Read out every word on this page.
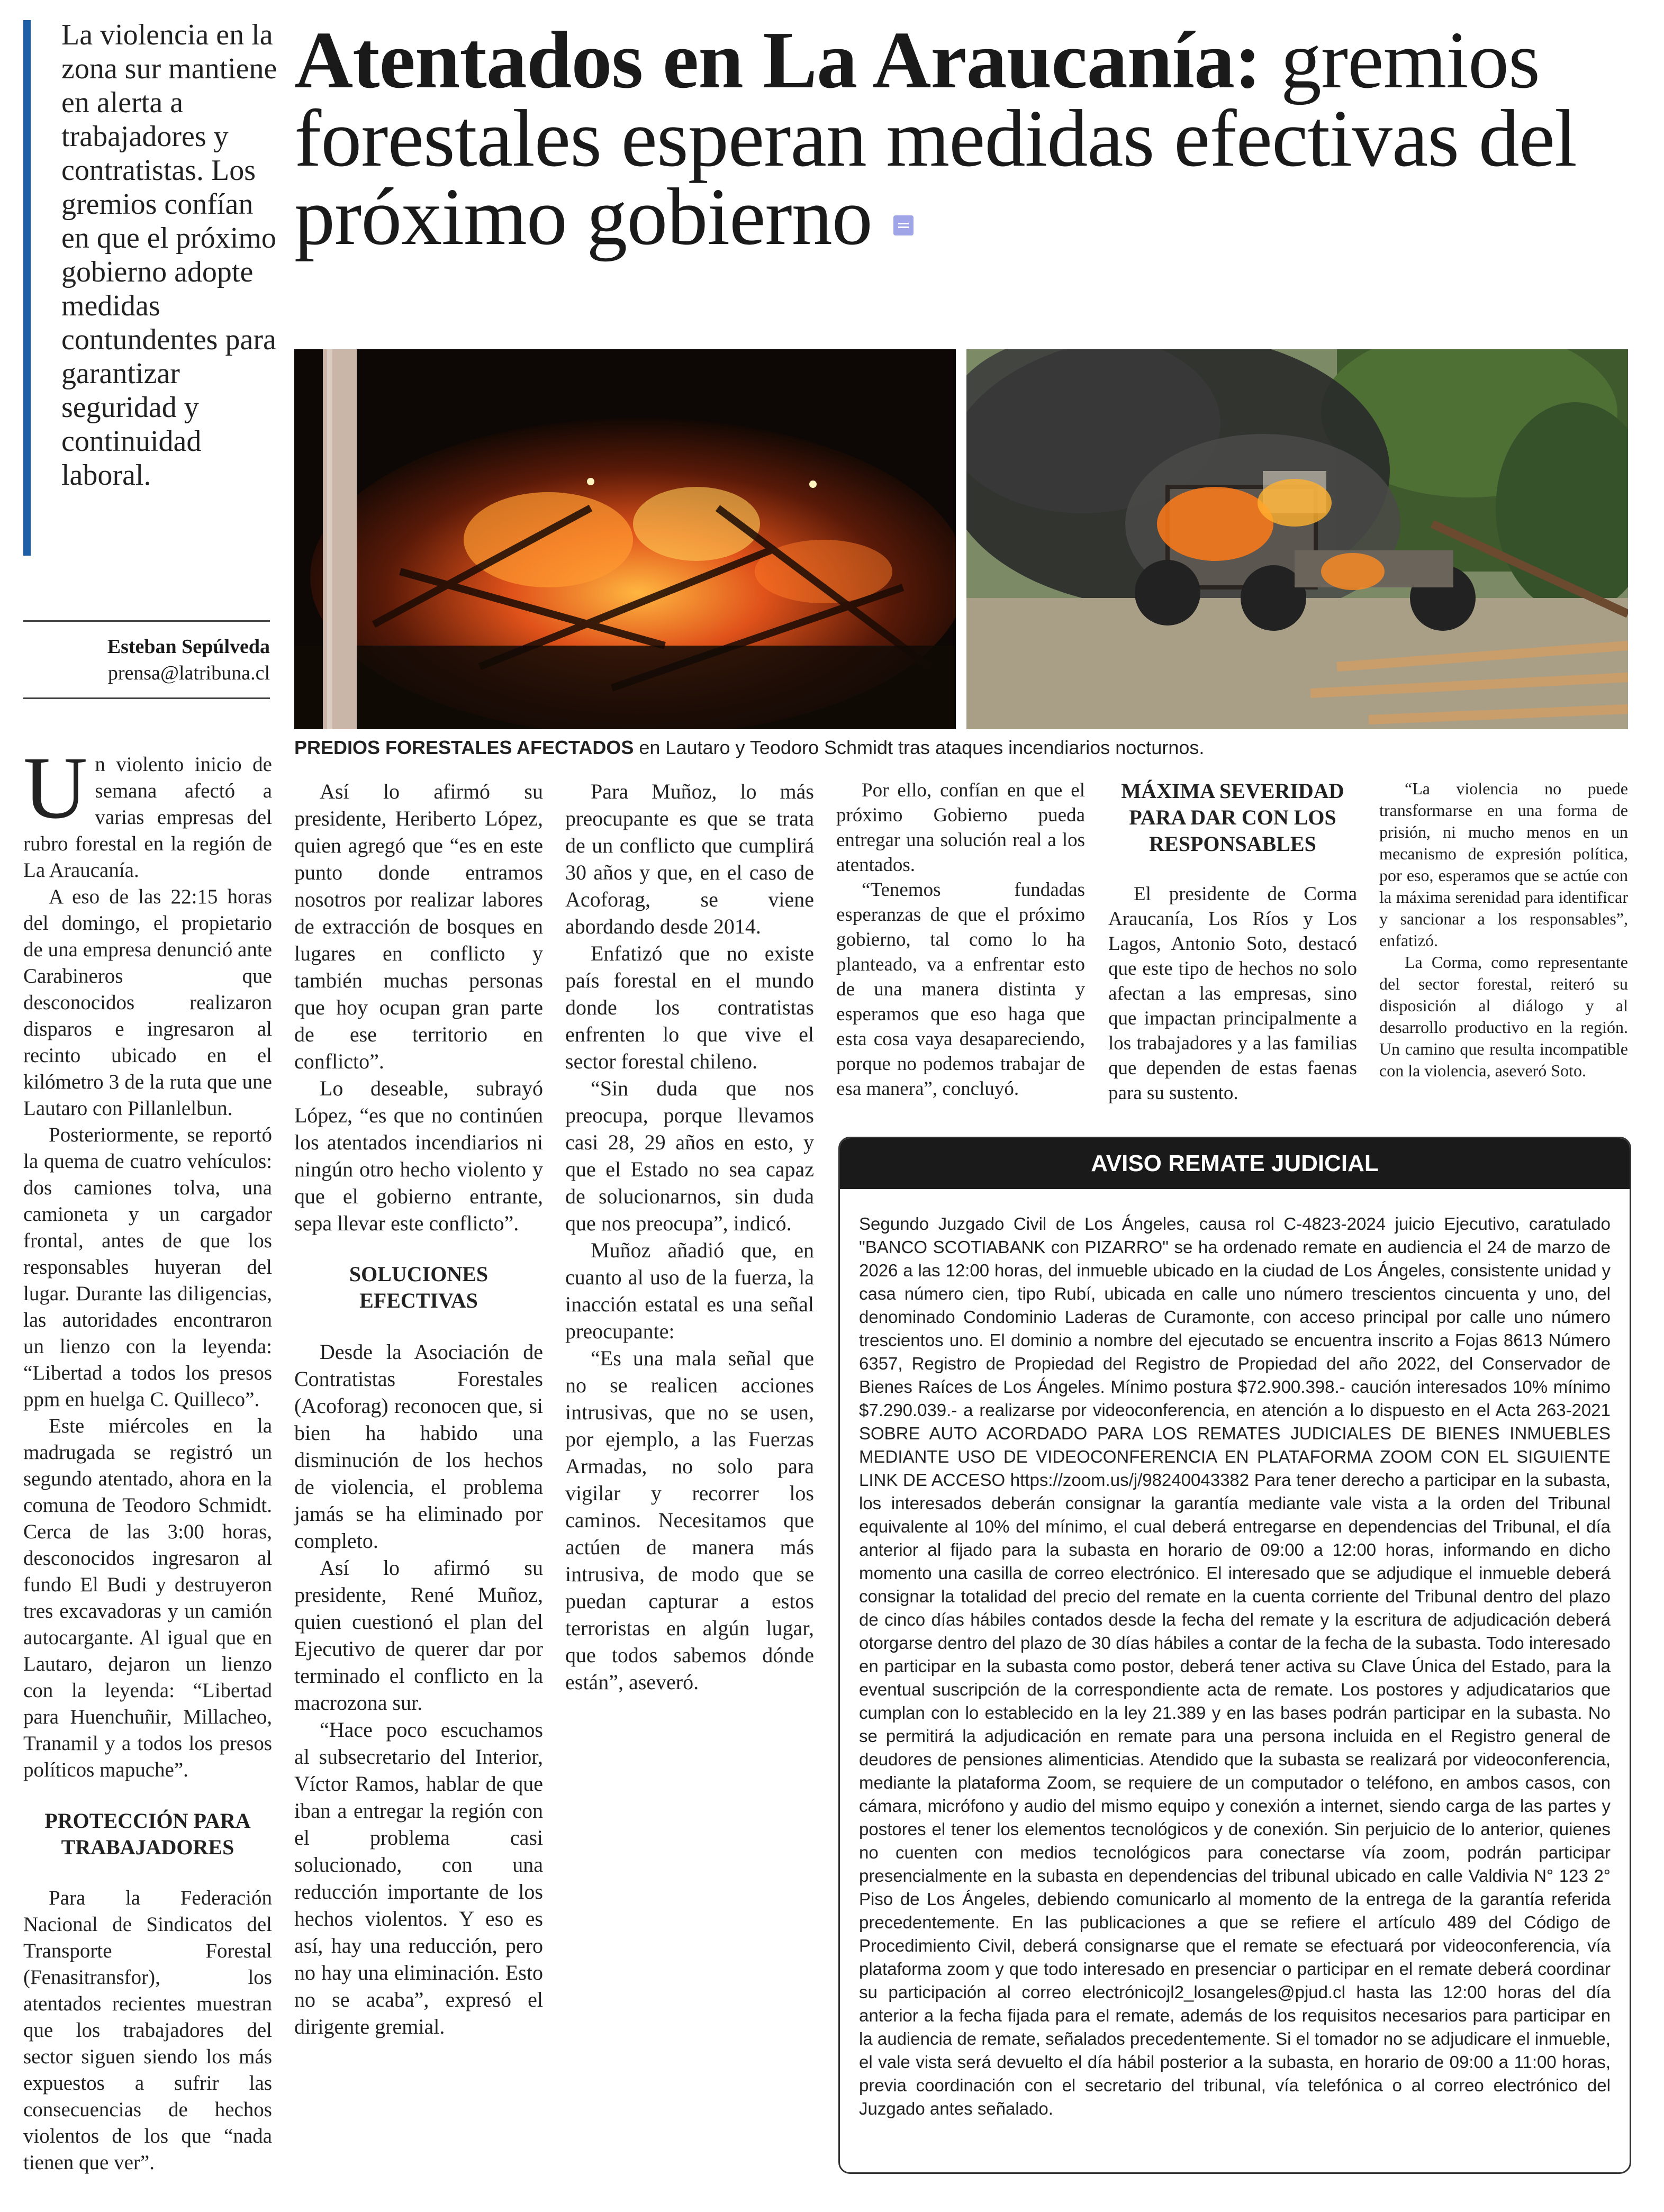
La violencia en la zona sur mantiene en alerta a trabajadores y contratistas. Los gremios confían en que el próximo gobierno adopte medidas contundentes para garantizar seguridad y continuidad laboral.
Atentados en La Araucanía: gremios forestales esperan medidas efectivas del próximo gobierno
Esteban Sepúlveda
prensa@latribuna.cl
PREDIOS FORESTALES AFECTADOS en Lautaro y Teodoro Schmidt tras ataques incendiarios nocturnos.

Un violento inicio de semana afectó a varias empresas del rubro forestal en la región de La Araucanía.

A eso de las 22:15 horas del domingo, el propietario de una empresa denunció ante Carabineros que desconocidos realizaron disparos e ingresaron al recinto ubicado en el kilómetro 3 de la ruta que une Lautaro con Pillanlelbun.

Posteriormente, se reportó la quema de cuatro vehículos: dos camiones tolva, una camioneta y un cargador frontal, antes de que los responsables huyeran del lugar. Durante las diligencias, las autoridades encontraron un lienzo con la leyenda: “Libertad a todos los presos ppm en huelga C. Quilleco”.

Este miércoles en la madrugada se registró un segundo atentado, ahora en la comuna de Teodoro Schmidt. Cerca de las 3:00 horas, desconocidos ingresaron al fundo El Budi y destruyeron tres excavadoras y un camión autocargante. Al igual que en Lautaro, dejaron un lienzo con la leyenda: “Libertad para Huenchuñir, Millacheo, Tranamil y a todos los presos políticos mapuche”.

PROTECCIÓN PARA TRABAJADORES

Para la Federación Nacional de Sindicatos del Transporte Forestal (Fenasitransfor), los atentados recientes muestran que los trabajadores del sector siguen siendo los más expuestos a sufrir las consecuencias de hechos violentos de los que “nada tienen que ver”.

Así lo afirmó su presidente, Heriberto López, quien agregó que “es en este punto donde entramos nosotros por realizar labores de extracción de bosques en lugares en conflicto y también muchas personas que hoy ocupan gran parte de ese territorio en conflicto”.

Lo deseable, subrayó López, “es que no continúen los atentados incendiarios ni ningún otro hecho violento y que el gobierno entrante, sepa llevar este conflicto”.

SOLUCIONES EFECTIVAS

Desde la Asociación de Contratistas Forestales (Acoforag) reconocen que, si bien ha habido una disminución de los hechos de violencia, el problema jamás se ha eliminado por completo.

Así lo afirmó su presidente, René Muñoz, quien cuestionó el plan del Ejecutivo de querer dar por terminado el conflicto en la macrozona sur.

“Hace poco escuchamos al subsecretario del Interior, Víctor Ramos, hablar de que iban a entregar la región con el problema casi solucionado, con una reducción importante de los hechos violentos. Y eso es así, hay una reducción, pero no hay una eliminación. Esto no se acaba”, expresó el dirigente gremial.

Para Muñoz, lo más preocupante es que se trata de un conflicto que cumplirá 30 años y que, en el caso de Acoforag, se viene abordando desde 2014.

Enfatizó que no existe país forestal en el mundo donde los contratistas enfrenten lo que vive el sector forestal chileno.

“Sin duda que nos preocupa, porque llevamos casi 28, 29 años en esto, y que el Estado no sea capaz de solucionarnos, sin duda que nos preocupa”, indicó.

Muñoz añadió que, en cuanto al uso de la fuerza, la inacción estatal es una señal preocupante:

“Es una mala señal que no se realicen acciones intrusivas, que no se usen, por ejemplo, a las Fuerzas Armadas, no solo para vigilar y recorrer los caminos. Necesitamos que actúen de manera más intrusiva, de modo que se puedan capturar a estos terroristas en algún lugar, que todos sabemos dónde están”, aseveró.

Por ello, confían en que el próximo Gobierno pueda entregar una solución real a los atentados.

“Tenemos fundadas esperanzas de que el próximo gobierno, tal como lo ha planteado, va a enfrentar esto de una manera distinta y esperamos que eso haga que esta cosa vaya desapareciendo, porque no podemos trabajar de esa manera”, concluyó.

MÁXIMA SEVERIDAD PARA DAR CON LOS RESPONSABLES

El presidente de Corma Araucanía, Los Ríos y Los Lagos, Antonio Soto, destacó que este tipo de hechos no solo afectan a las empresas, sino que impactan principalmente a los trabajadores y a las familias que dependen de estas faenas para su sustento.

“La violencia no puede transformarse en una forma de prisión, ni mucho menos en un mecanismo de expresión política, por eso, esperamos que se actúe con la máxima serenidad para identificar y sancionar a los responsables”, enfatizó.

La Corma, como representante del sector forestal, reiteró su disposición al diálogo y al desarrollo productivo en la región. Un camino que resulta incompatible con la violencia, aseveró Soto.

AVISO REMATE JUDICIAL
Segundo Juzgado Civil de Los Ángeles, causa rol C-4823-2024 juicio Ejecutivo, caratulado "BANCO SCOTIABANK con PIZARRO" se ha ordenado remate en audiencia el 24 de marzo de 2026 a las 12:00 horas, del inmueble ubicado en la ciudad de Los Ángeles, consistente unidad y casa número cien, tipo Rubí, ubicada en calle uno número trescientos cincuenta y uno, del denominado Condominio Laderas de Curamonte, con acceso principal por calle uno número trescientos uno. El dominio a nombre del ejecutado se encuentra inscrito a Fojas 8613 Número 6357, Registro de Propiedad del Registro de Propiedad del año 2022, del Conservador de Bienes Raíces de Los Ángeles. Mínimo postura $72.900.398.- caución interesados 10% mínimo $7.290.039.- a realizarse por videoconferencia, en atención a lo dispuesto en el Acta 263-2021 SOBRE AUTO ACORDADO PARA LOS REMATES JUDICIALES DE BIENES INMUEBLES MEDIANTE USO DE VIDEOCONFERENCIA EN PLATAFORMA ZOOM CON EL SIGUIENTE LINK DE ACCESO https://zoom.us/j/98240043382 Para tener derecho a participar en la subasta, los interesados deberán consignar la garantía mediante vale vista a la orden del Tribunal equivalente al 10% del mínimo, el cual deberá entregarse en dependencias del Tribunal, el día anterior al fijado para la subasta en horario de 09:00 a 12:00 horas, informando en dicho momento una casilla de correo electrónico. El interesado que se adjudique el inmueble deberá consignar la totalidad del precio del remate en la cuenta corriente del Tribunal dentro del plazo de cinco días hábiles contados desde la fecha del remate y la escritura de adjudicación deberá otorgarse dentro del plazo de 30 días hábiles a contar de la fecha de la subasta. Todo interesado en participar en la subasta como postor, deberá tener activa su Clave Única del Estado, para la eventual suscripción de la correspondiente acta de remate. Los postores y adjudicatarios que cumplan con lo establecido en la ley 21.389 y en las bases podrán participar en la subasta. No se permitirá la adjudicación en remate para una persona incluida en el Registro general de deudores de pensiones alimenticias. Atendido que la subasta se realizará por videoconferencia, mediante la plataforma Zoom, se requiere de un computador o teléfono, en ambos casos, con cámara, micrófono y audio del mismo equipo y conexión a internet, siendo carga de las partes y postores el tener los elementos tecnológicos y de conexión. Sin perjuicio de lo anterior, quienes no cuenten con medios tecnológicos para conectarse vía zoom, podrán participar presencialmente en la subasta en dependencias del tribunal ubicado en calle Valdivia N° 123 2° Piso de Los Ángeles, debiendo comunicarlo al momento de la entrega de la garantía referida precedentemente. En las publicaciones a que se refiere el artículo 489 del Código de Procedimiento Civil, deberá consignarse que el remate se efectuará por videoconferencia, vía plataforma zoom y que todo interesado en presenciar o participar en el remate deberá coordinar su participación al correo electrónicojl2_losangeles@pjud.cl hasta las 12:00 horas del día anterior a la fecha fijada para el remate, además de los requisitos necesarios para participar en la audiencia de remate, señalados precedentemente. Si el tomador no se adjudicare el inmueble, el vale vista será devuelto el día hábil posterior a la subasta, en horario de 09:00 a 11:00 horas, previa coordinación con el secretario del tribunal, vía telefónica o al correo electrónico del Juzgado antes señalado.
